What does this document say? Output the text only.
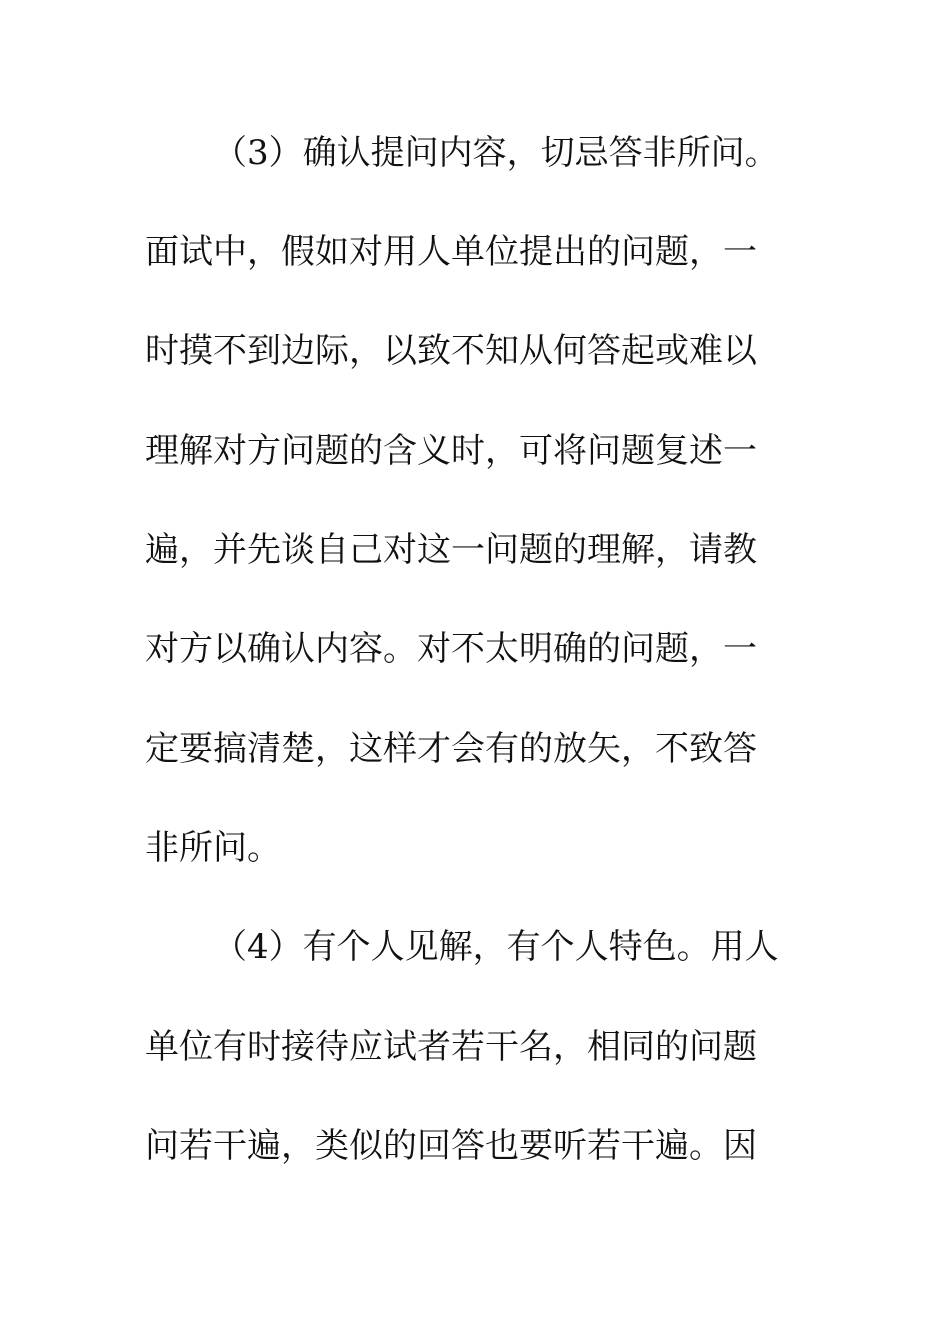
（3）确认提问内容，切忌答非所问。
面试中，假如对用人单位提出的问题，一
时摸不到边际，以致不知从何答起或难以
理解对方问题的含义时，可将问题复述一
遍，并先谈自己对这一问题的理解，请教
对方以确认内容。对不太明确的问题，一
定要搞清楚，这样才会有的放矢，不致答
非所问。
（4）有个人见解，有个人特色。用人
单位有时接待应试者若干名，相同的问题
问若干遍，类似的回答也要听若干遍。因
